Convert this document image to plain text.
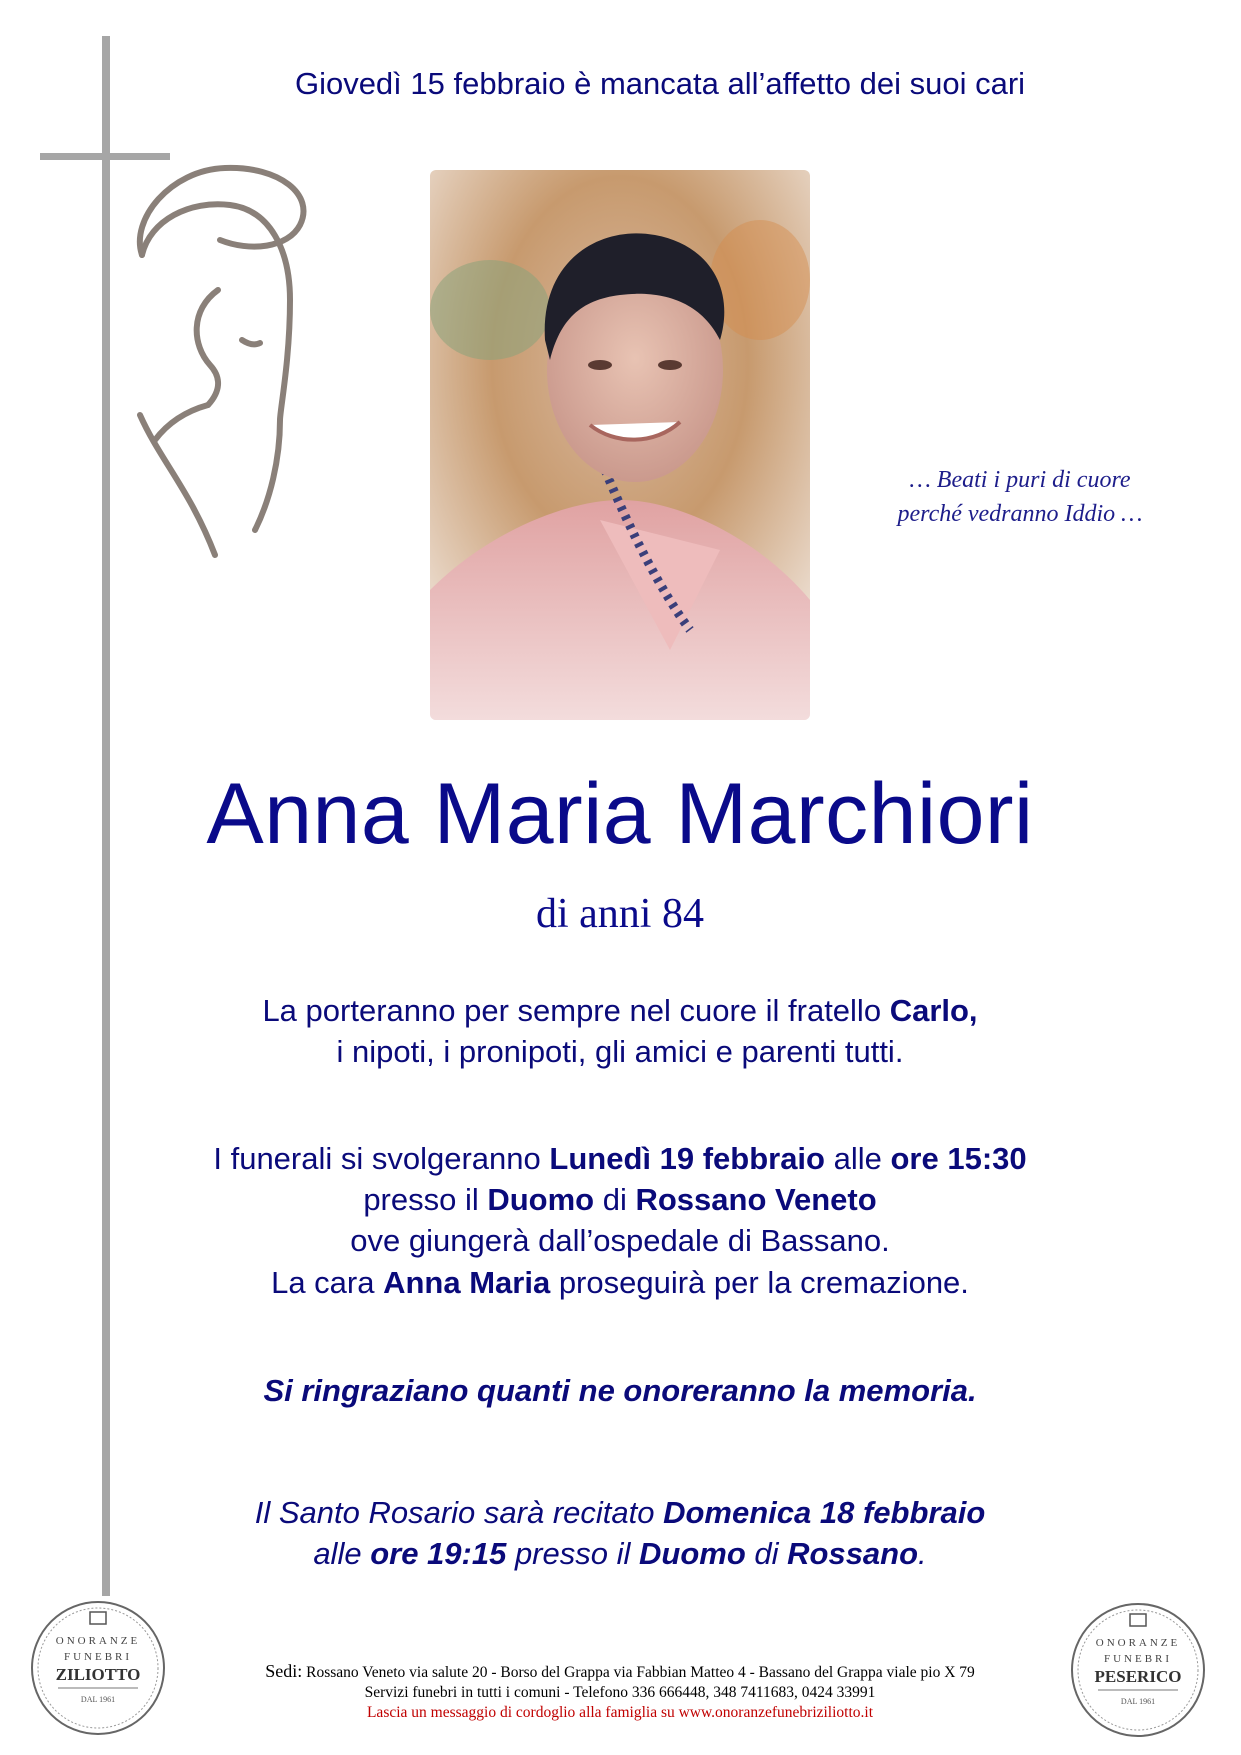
Giovedì 15 febbraio è mancata all’affetto dei suoi cari
… Beati i puri di cuore
perché vedranno Iddio …
Anna Maria Marchiori
di anni 84
La porteranno per sempre nel cuore il fratello Carlo,
i nipoti, i pronipoti, gli amici e parenti tutti.
I funerali si svolgeranno Lunedì 19 febbraio alle ore 15:30
presso il Duomo di Rossano Veneto
ove giungerà dall’ospedale di Bassano.
La cara Anna Maria proseguirà per la cremazione.
Si ringraziano quanti ne onoreranno la memoria.
Il Santo Rosario sarà recitato Domenica 18 febbraio
alle ore 19:15 presso il Duomo di Rossano.
ONORANZE
FUNEBRI
ZILIOTTO
DAL 1961
ONORANZE
FUNEBRI
PESERICO
DAL 1961
Sedi: Rossano Veneto via salute 20 - Borso del Grappa via Fabbian Matteo 4 - Bassano del Grappa viale pio X 79
Servizi funebri in tutti i comuni - Telefono 336 666448, 348 7411683, 0424 33991
Lascia un messaggio di cordoglio alla famiglia su www.onoranzefunebriziliotto.it
